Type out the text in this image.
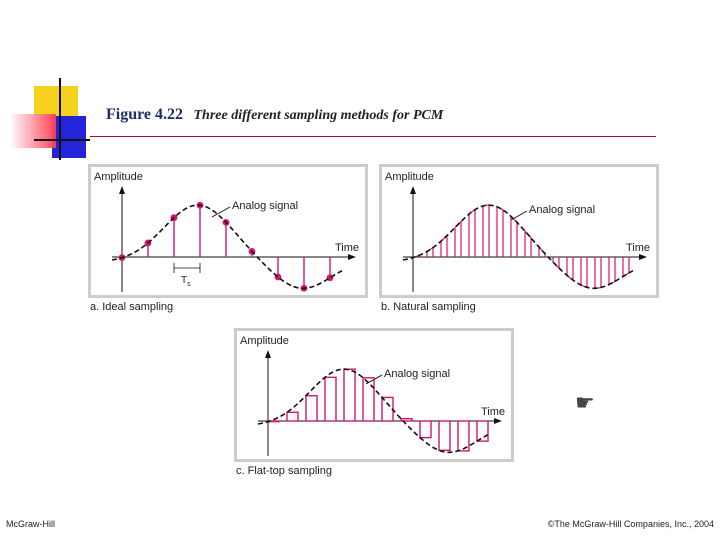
Figure 4.22 Three different sampling methods for PCM
Amplitude
Time
Analog signal
$T_s$
a. Ideal sampling
Amplitude
Time
Analog signal
b. Natural sampling
Amplitude
Time
Analog signal
c. Flat-top sampling
☛
McGraw-Hill	©The McGraw-Hill Companies, Inc., 2004
